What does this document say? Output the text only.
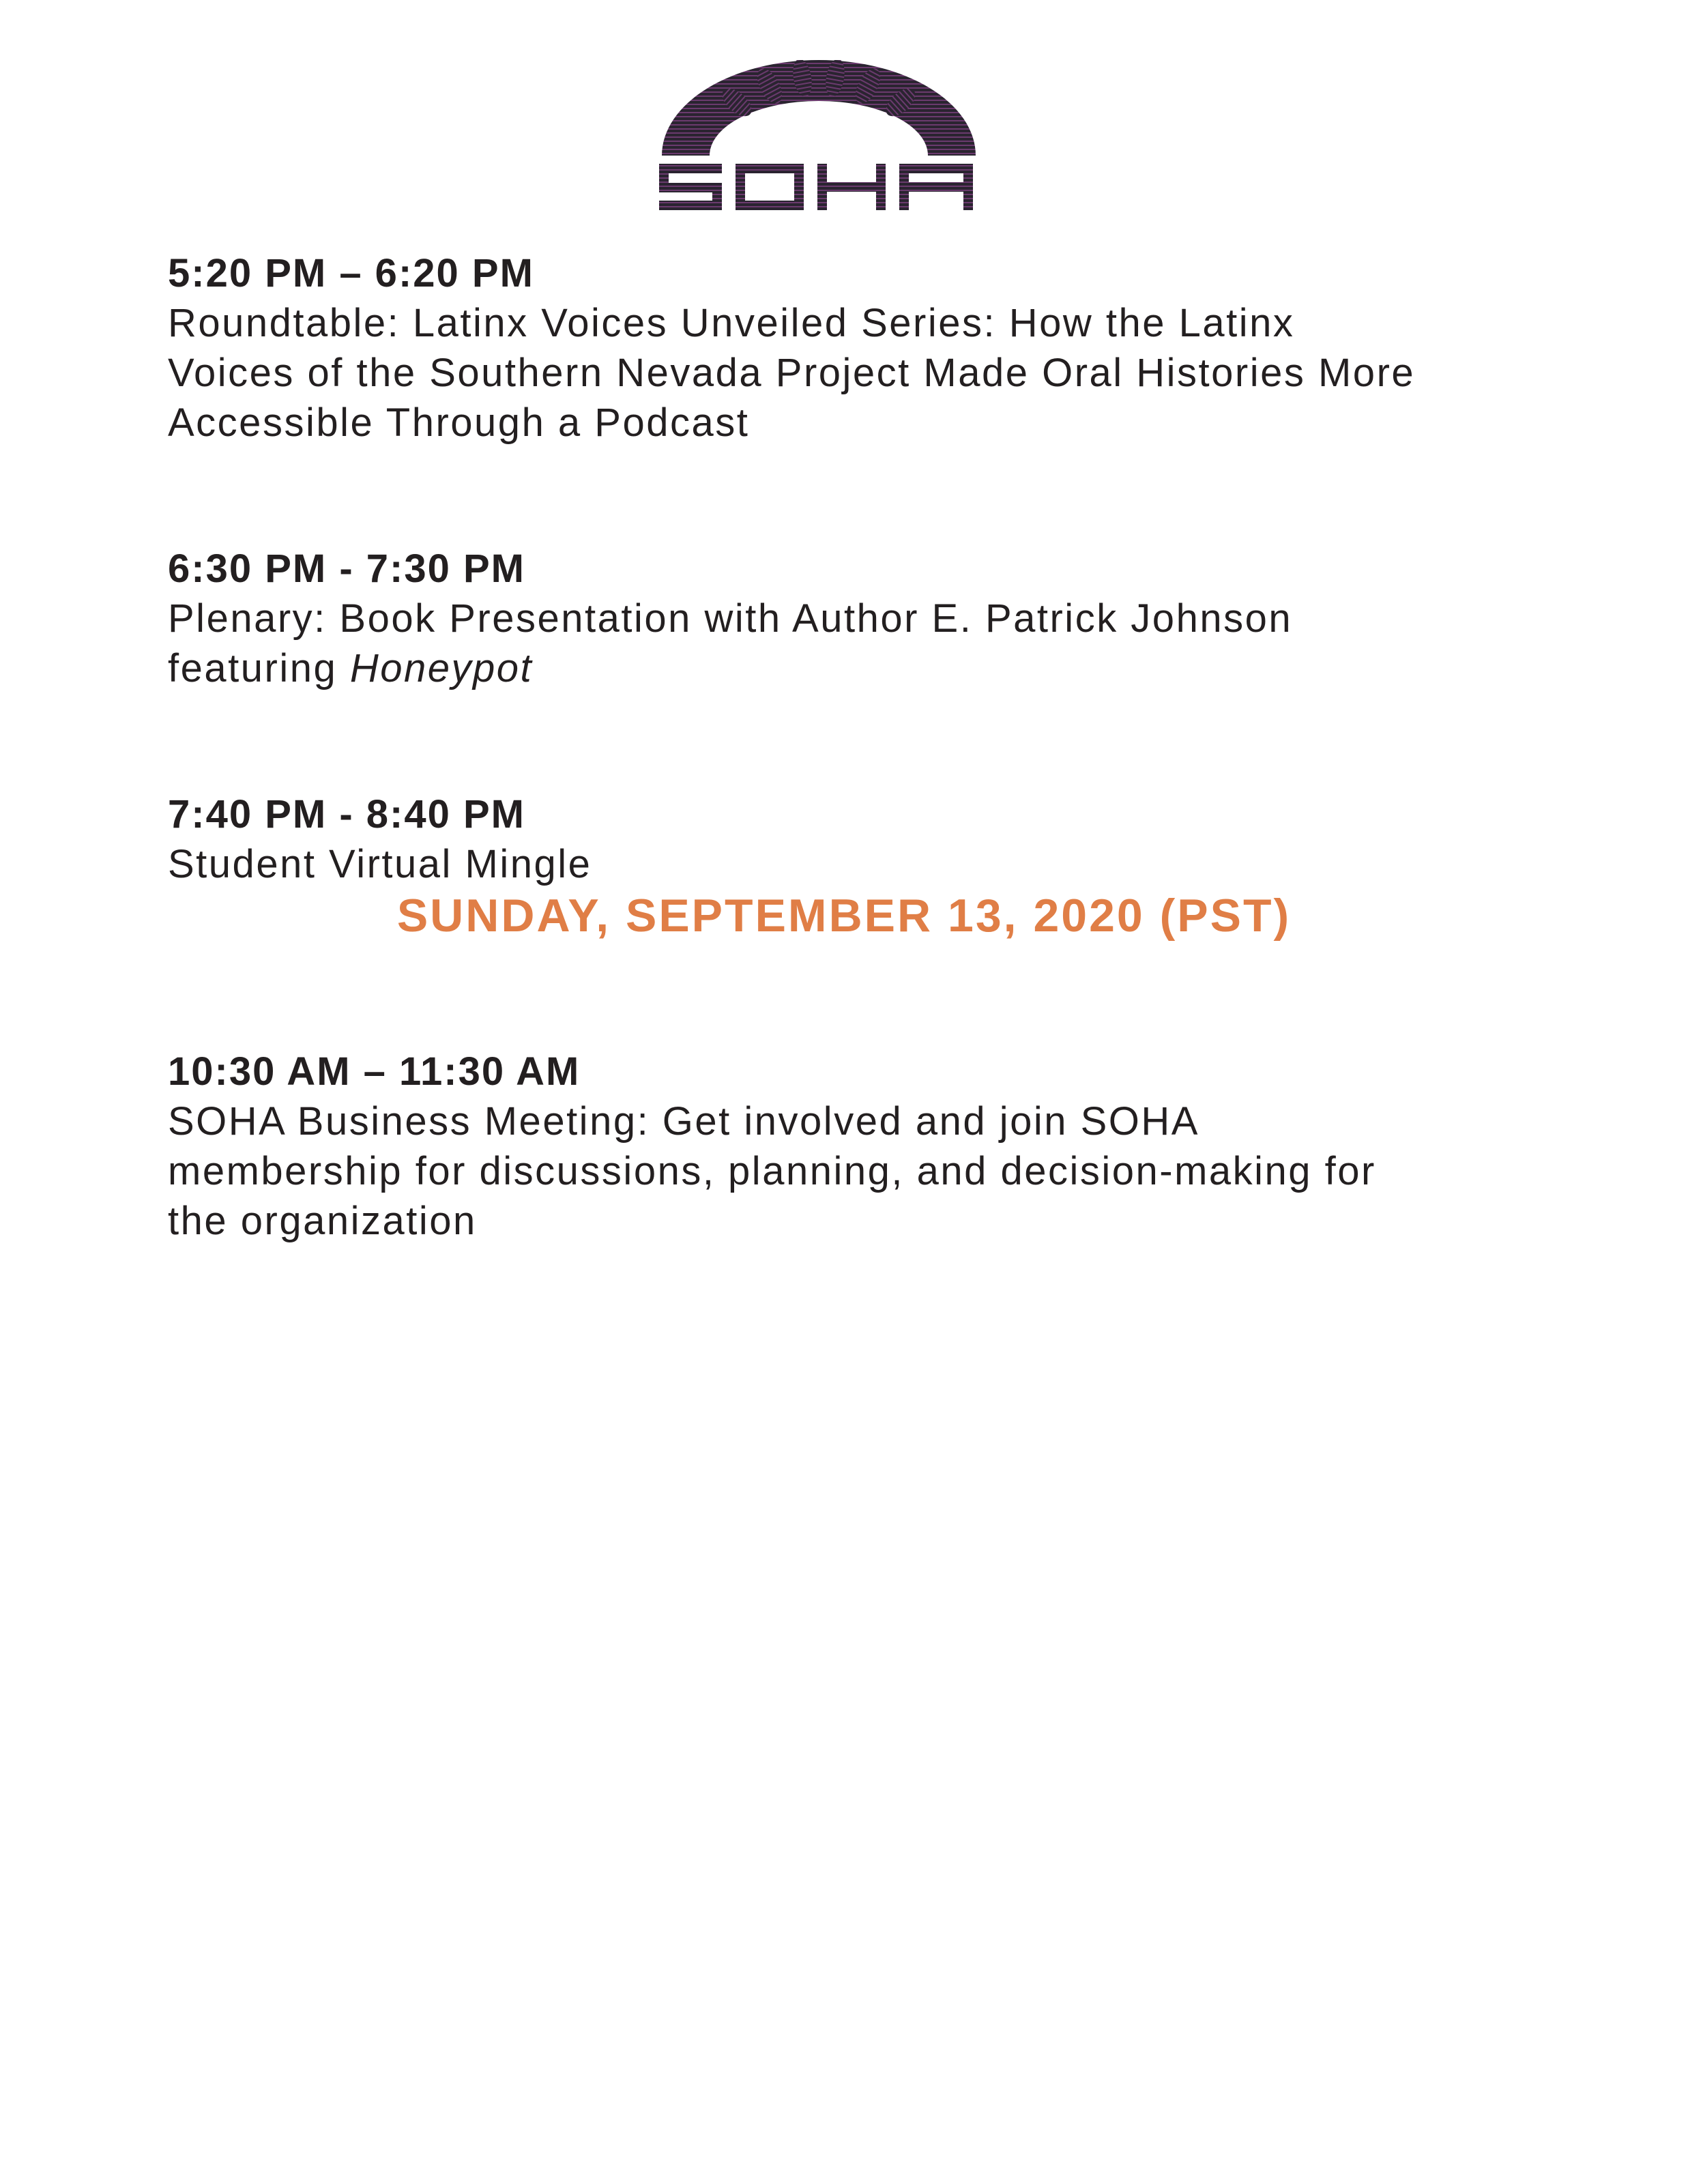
5:20 PM – 6:20 PM

Roundtable: Latinx Voices Unveiled Series: How the Latinx

Voices of the Southern Nevada Project Made Oral Histories More

Accessible Through a Podcast

6:30 PM - 7:30 PM

Plenary: Book Presentation with Author E. Patrick Johnson

featuring Honeypot

7:40 PM - 8:40 PM

Student Virtual Mingle

SUNDAY, SEPTEMBER 13, 2020 (PST)

10:30 AM – 11:30 AM

SOHA Business Meeting: Get involved and join SOHA

membership for discussions, planning, and decision-making for

the organization
